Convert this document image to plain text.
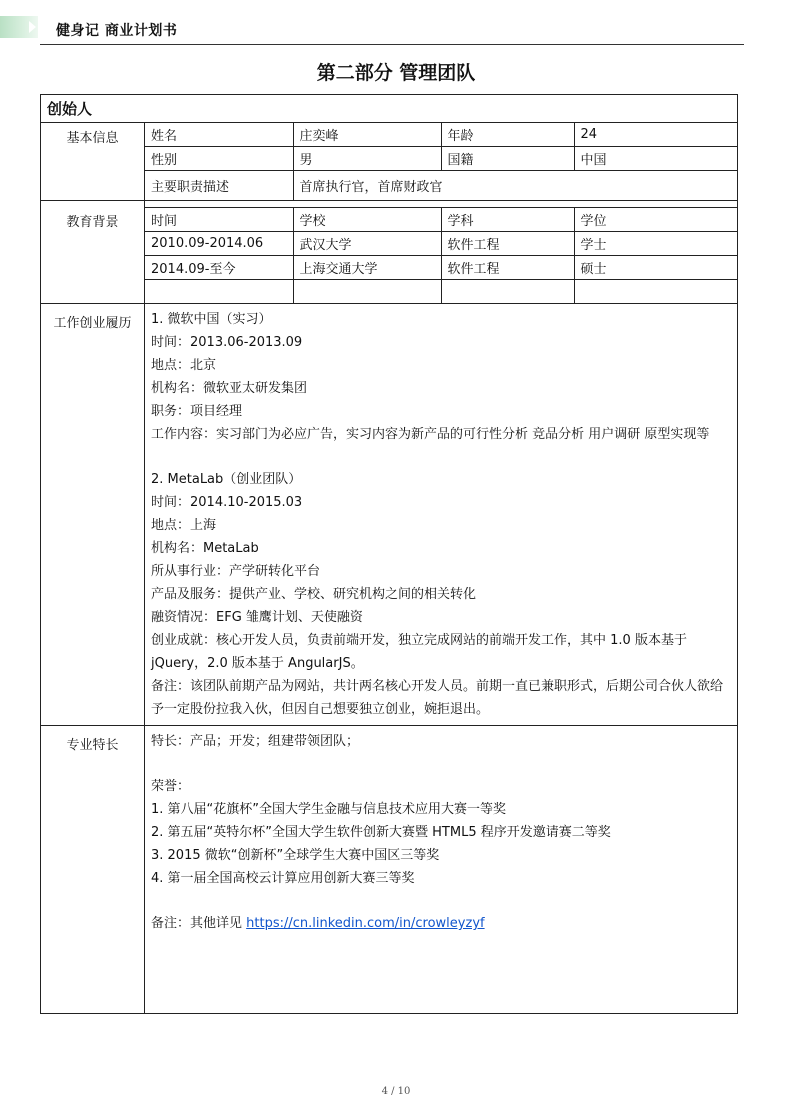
健身记 商业计划书
第二部分 管理团队
创始人
基本信息		姓名	庄奕峰	年龄	24
性别	男	国籍	中国
主要职责描述	首席执行官，首席财政官

教育背景		时间	学校	学科	学位
2010.09-2014.06	武汉大学	软件工程	学士
2014.09-至今	上海交通大学	软件工程	硕士

工作创业履历	1. 微软中国（实习）
时间：2013.06-2013.09
地点：北京
机构名：微软亚太研发集团
职务：项目经理
工作内容：实习部门为必应广告，实习内容为新产品的可行性分析 竞品分析 用户调研 原型实现等
2. MetaLab（创业团队）
时间：2014.10-2015.03
地点：上海
机构名：MetaLab
所从事行业：产学研转化平台
产品及服务：提供产业、学校、研究机构之间的相关转化
融资情况：EFG 雏鹰计划、天使融资
创业成就：核心开发人员，负责前端开发，独立完成网站的前端开发工作，其中 1.0 版本基于 jQuery，2.0 版本基于 AngularJS。
备注：该团队前期产品为网站，共计两名核心开发人员。前期一直已兼职形式，后期公司合伙人欲给予一定股份拉我入伙，但因自己想要独立创业，婉拒退出。

专业特长	特长：产品；开发；组建带领团队；
荣誉：
1. 第八届“花旗杯”全国大学生金融与信息技术应用大赛一等奖
2. 第五届“英特尔杯”全国大学生软件创新大赛暨 HTML5 程序开发邀请赛二等奖
3. 2015 微软“创新杯”全球学生大赛中国区三等奖
4. 第一届全国高校云计算应用创新大赛三等奖
备注：其他详见 https://cn.linkedin.com/in/crowleyzyf
4 / 10
